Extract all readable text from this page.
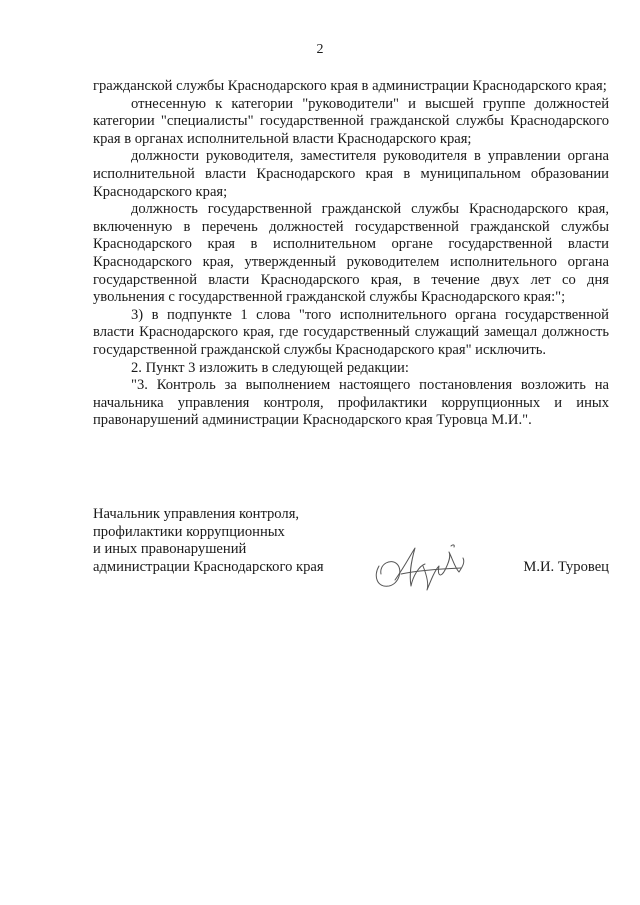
2

гражданской службы Краснодарского края в администрации Краснодарского края;

отнесенную к категории "руководители" и высшей группе должностей категории "специалисты" государственной гражданской службы Краснодарского края в органах исполнительной власти Краснодарского края;

должности руководителя, заместителя руководителя в управлении органа исполнительной власти Краснодарского края в муниципальном образовании Краснодарского края;

должность государственной гражданской службы Краснодарского края, включенную в перечень должностей государственной гражданской службы Краснодарского края в исполнительном органе государственной власти Краснодарского края, утвержденный руководителем исполнительного органа государственной власти Краснодарского края, в течение двух лет со дня увольнения с государственной гражданской службы Краснодарского края:";

3) в подпункте 1 слова "того исполнительного органа государственной власти Краснодарского края, где государственный служащий замещал должность государственной гражданской службы Краснодарского края" исключить.

2. Пункт 3 изложить в следующей редакции:

"3. Контроль за выполнением настоящего постановления возложить на начальника управления контроля, профилактики коррупционных и иных правонарушений администрации Краснодарского края Туровца М.И.".

Начальник управления контроля,
профилактики коррупционных
и иных правонарушений
администрации Краснодарского края	М.И. Туровец
